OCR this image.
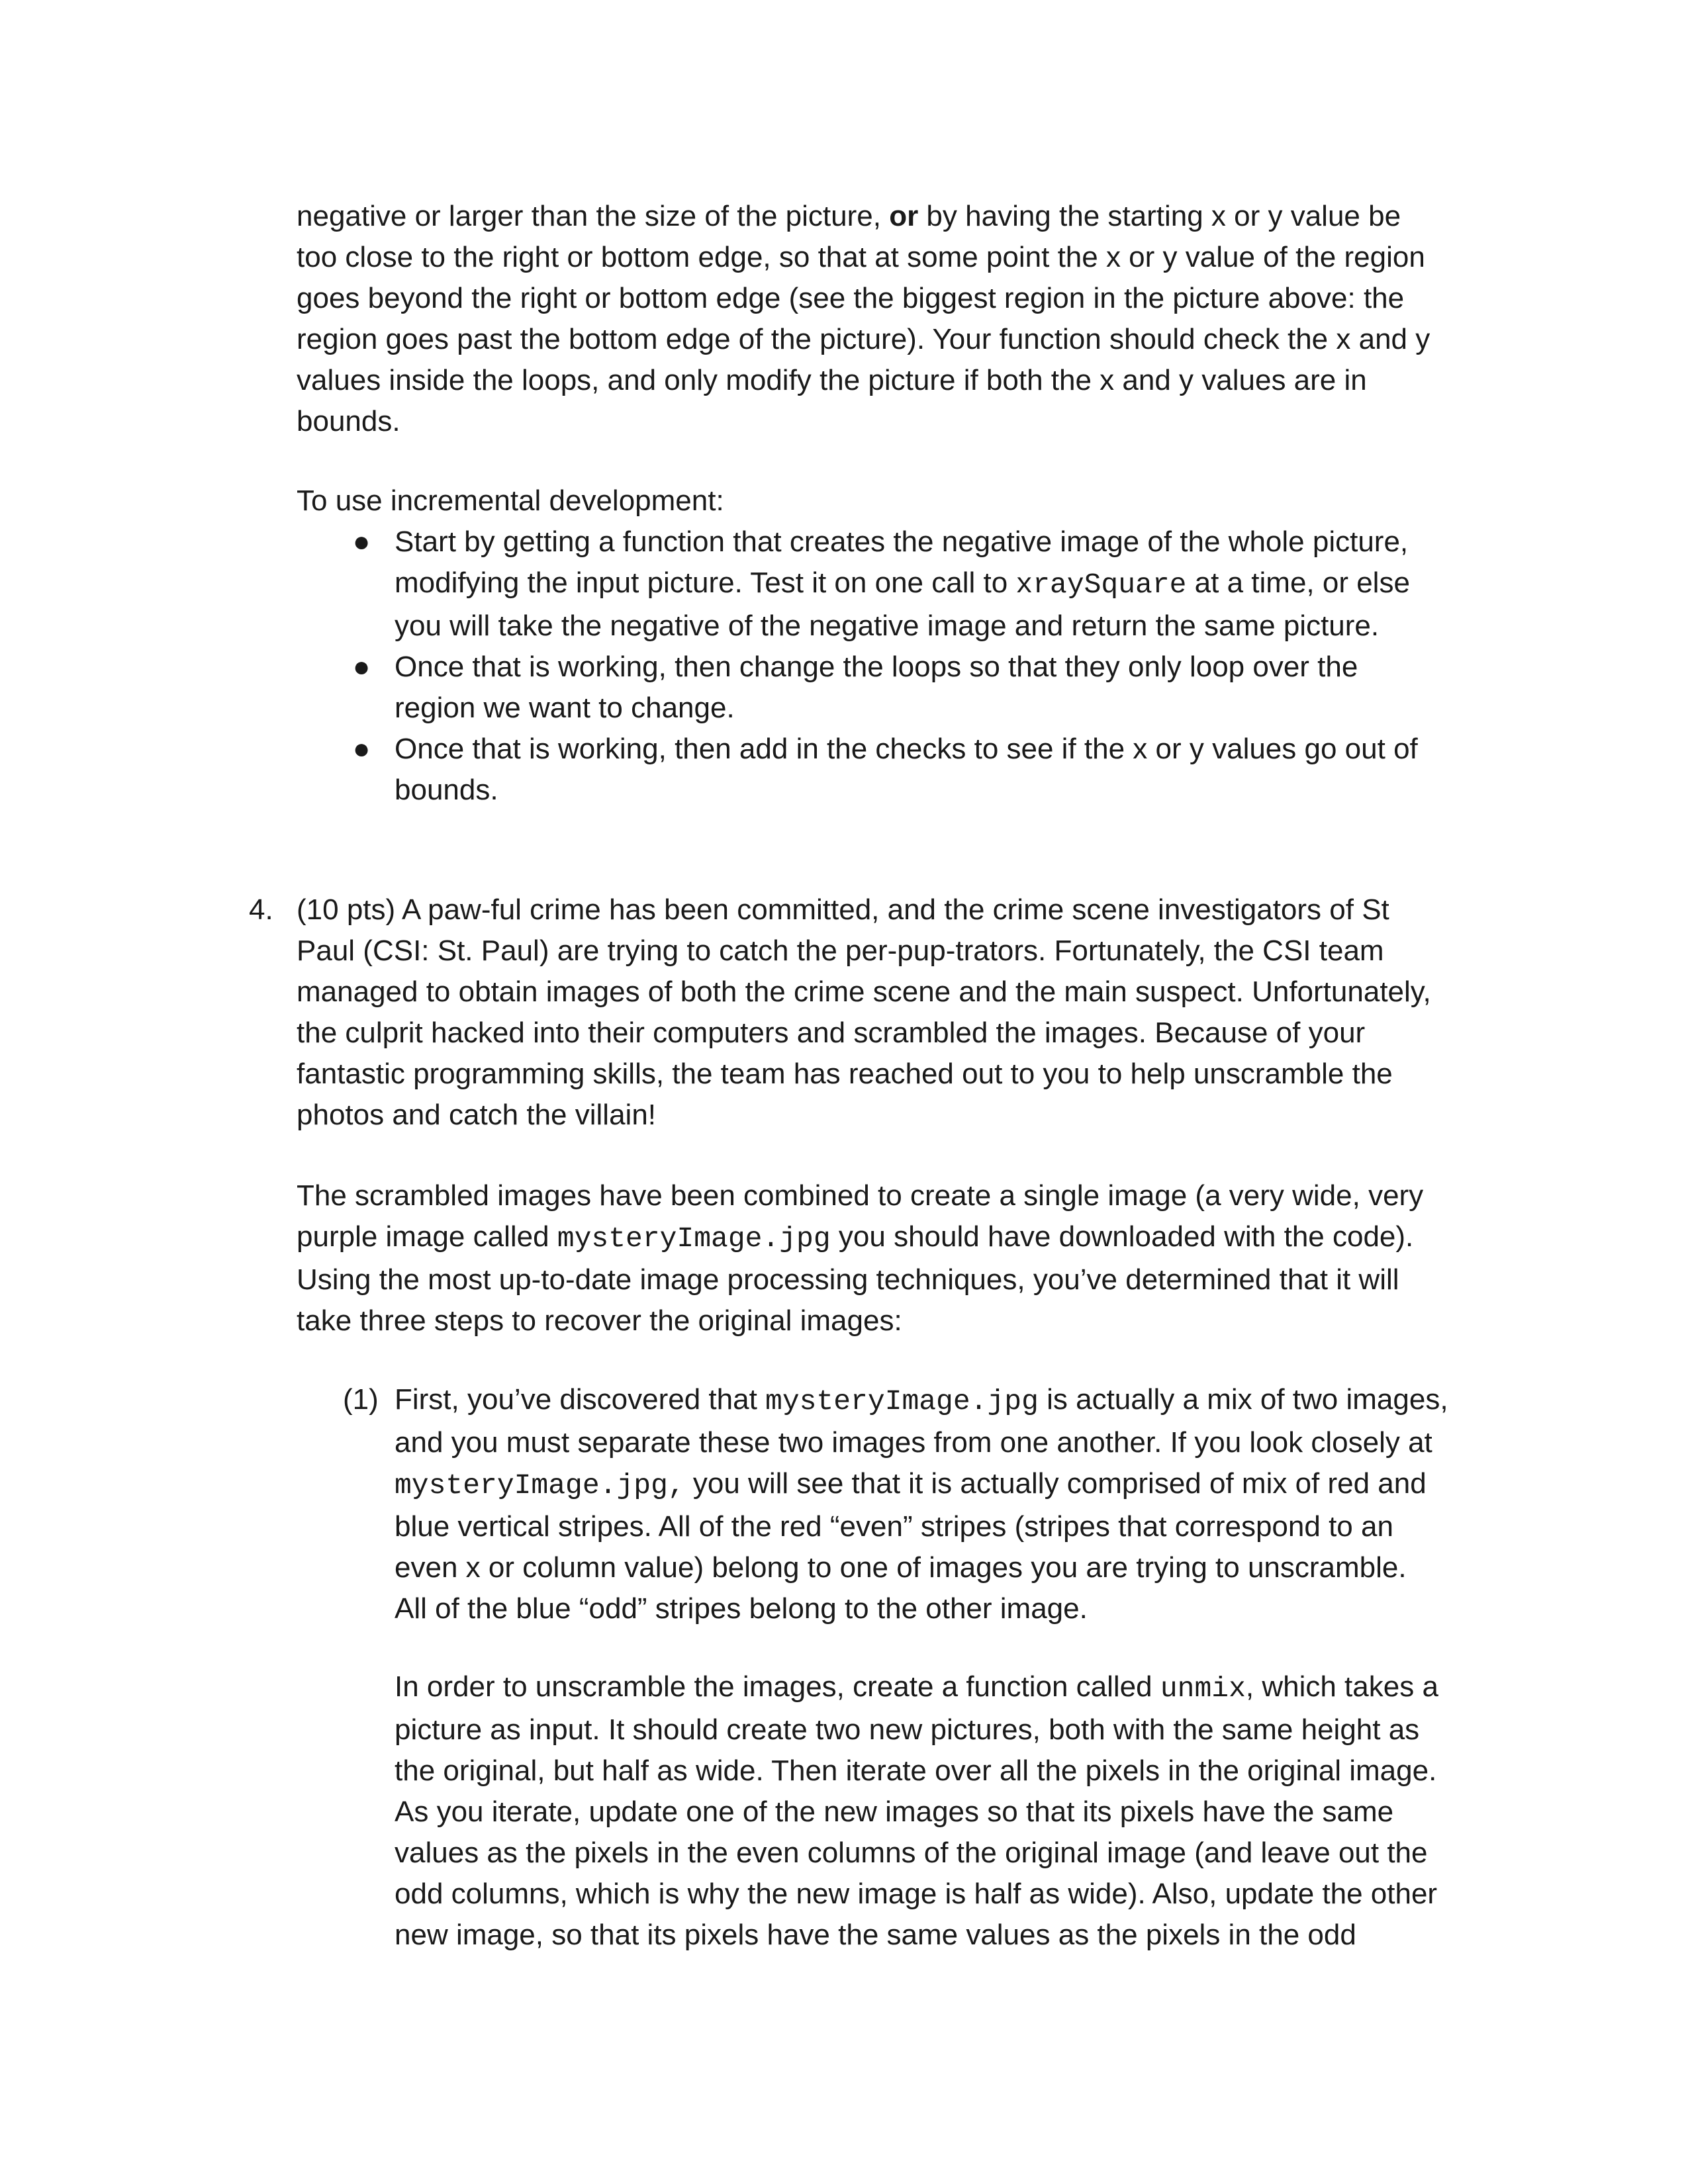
negative or larger than the size of the picture, or by having the starting x or y value be
too close to the right or bottom edge, so that at some point the x or y value of the region
goes beyond the right or bottom edge (see the biggest region in the picture above: the
region goes past the bottom edge of the picture). Your function should check the x and y
values inside the loops, and only modify the picture if both the x and y values are in
bounds.
To use incremental development:
● Start by getting a function that creates the negative image of the whole picture,
modifying the input picture. Test it on one call to xraySquare at a time, or else
you will take the negative of the negative image and return the same picture.
● Once that is working, then change the loops so that they only loop over the
region we want to change.
● Once that is working, then add in the checks to see if the x or y values go out of
bounds.
4. (10 pts) A paw-ful crime has been committed, and the crime scene investigators of St
Paul (CSI: St. Paul) are trying to catch the per-pup-trators. Fortunately, the CSI team
managed to obtain images of both the crime scene and the main suspect. Unfortunately,
the culprit hacked into their computers and scrambled the images. Because of your
fantastic programming skills, the team has reached out to you to help unscramble the
photos and catch the villain!
The scrambled images have been combined to create a single image (a very wide, very
purple image called mysteryImage.jpg you should have downloaded with the code).
Using the most up-to-date image processing techniques, you’ve determined that it will
take three steps to recover the original images:
(1) First, you’ve discovered that mysteryImage.jpg is actually a mix of two images,
and you must separate these two images from one another. If you look closely at
mysteryImage.jpg, you will see that it is actually comprised of mix of red and
blue vertical stripes. All of the red “even” stripes (stripes that correspond to an
even x or column value) belong to one of images you are trying to unscramble.
All of the blue “odd” stripes belong to the other image.
In order to unscramble the images, create a function called unmix, which takes a
picture as input. It should create two new pictures, both with the same height as
the original, but half as wide. Then iterate over all the pixels in the original image.
As you iterate, update one of the new images so that its pixels have the same
values as the pixels in the even columns of the original image (and leave out the
odd columns, which is why the new image is half as wide). Also, update the other
new image, so that its pixels have the same values as the pixels in the odd
